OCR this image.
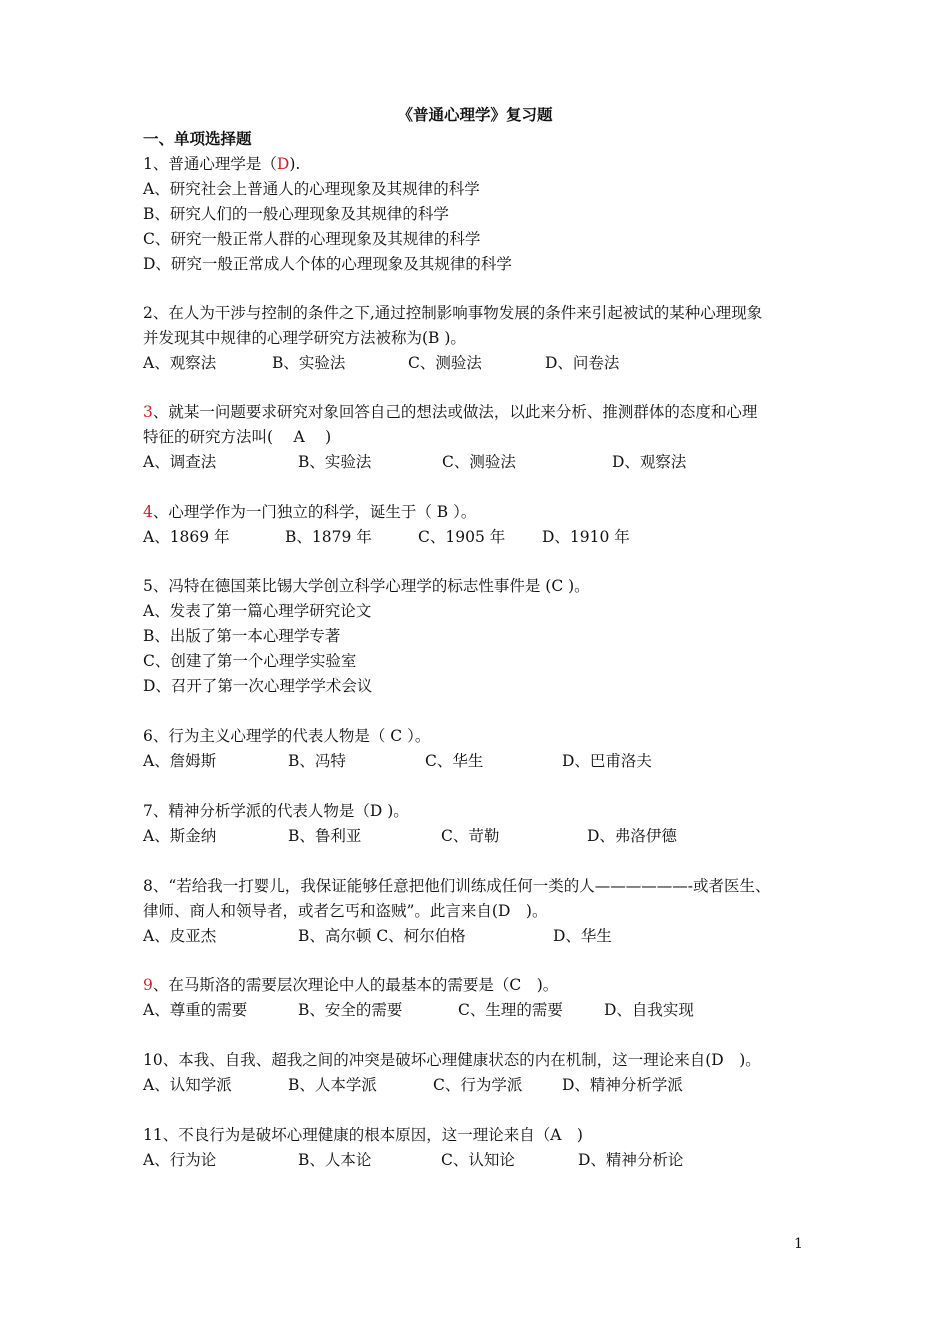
《普通心理学》复习题
一、单项选择题
1、普通心理学是（D).
A、研究社会上普通人的心理现象及其规律的科学
B、研究人们的一般心理现象及其规律的科学
C、研究一般正常人群的心理现象及其规律的科学
D、研究一般正常成人个体的心理现象及其规律的科学
2、在人为干涉与控制的条件之下,通过控制影响事物发展的条件来引起被试的某种心理现象
并发现其中规律的心理学研究方法被称为(B )。
A、观察法	B、实验法	C、测验法	D、问卷法
3、就某一问题要求研究对象回答自己的想法或做法，以此来分析、推测群体的态度和心理
特征的研究方法叫(　 A 　)
A、调查法	B、实验法	C、测验法	D、观察法
4、心理学作为一门独立的科学，诞生于（ B ）。
A、1869 年	B、1879 年	C、1905 年 D、1910 年
5、冯特在德国莱比锡大学创立科学心理学的标志性事件是 (C )。
A、发表了第一篇心理学研究论文
B、出版了第一本心理学专著
C、创建了第一个心理学实验室
D、召开了第一次心理学学术会议
6、行为主义心理学的代表人物是（ C ）。
A、詹姆斯	B、冯特	C、华生	D、巴甫洛夫
7、精神分析学派的代表人物是（D )。
A、斯金纳	B、鲁利亚	C、苛勒	D、弗洛伊德
8、“若给我一打婴儿，我保证能够任意把他们训练成任何一类的人——————-或者医生、
律师、商人和领导者，或者乞丐和盗贼”。此言来自(D　)。
A、皮亚杰	B、高尔顿 C、柯尔伯格	D、华生
9、在马斯洛的需要层次理论中人的最基本的需要是（C　)。
A、尊重的需要	B、安全的需要	C、生理的需要	D、自我实现
10、本我、自我、超我之间的冲突是破坏心理健康状态的内在机制，这一理论来自(D　)。
A、认知学派	B、人本学派	C、行为学派	D、精神分析学派
11、不良行为是破坏心理健康的根本原因，这一理论来自（A　)
A、行为论	B、人本论	C、认知论	D、精神分析论
1
